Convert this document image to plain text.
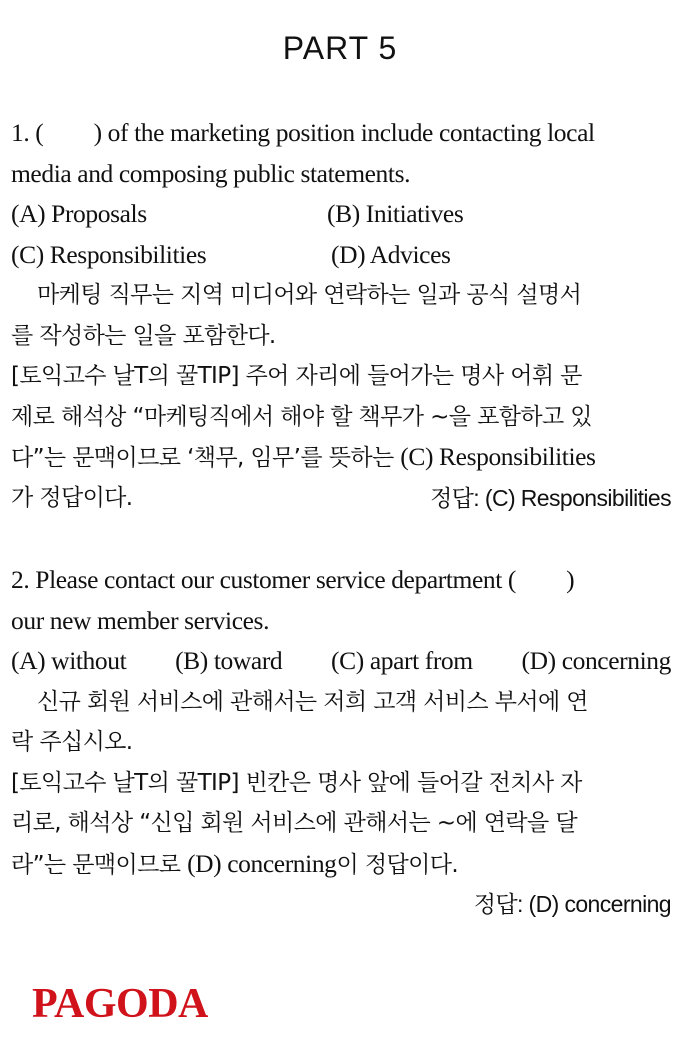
PART 5
1. (　　) of the marketing position include contacting local
media and composing public statements.
(A) Proposals	(B) Initiatives
(C) Responsibilities	(D) Advices
마케팅 직무는 지역 미디어와 연락하는 일과 공식 설명서
를 작성하는 일을 포함한다.
[토익고수 날T의 꿀TIP] 주어 자리에 들어가는 명사 어휘 문
제로 해석상 “마케팅직에서 해야 할 책무가 ~을 포함하고 있
다”는 문맥이므로 ‘책무, 임무’를 뜻하는 (C) Responsibilities
가 정답이다.	정답: (C) Responsibilities
2. Please contact our customer service department (　　)
our new member services.
(A) without (B) toward (C) apart from (D) concerning
신규 회원 서비스에 관해서는 저희 고객 서비스 부서에 연
락 주십시오.
[토익고수 날T의 꿀TIP] 빈칸은 명사 앞에 들어갈 전치사 자
리로, 해석상 “신입 회원 서비스에 관해서는 ~에 연락을 달
라”는 문맥이므로 (D) concerning이 정답이다.
정답: (D) concerning
PAGODA
